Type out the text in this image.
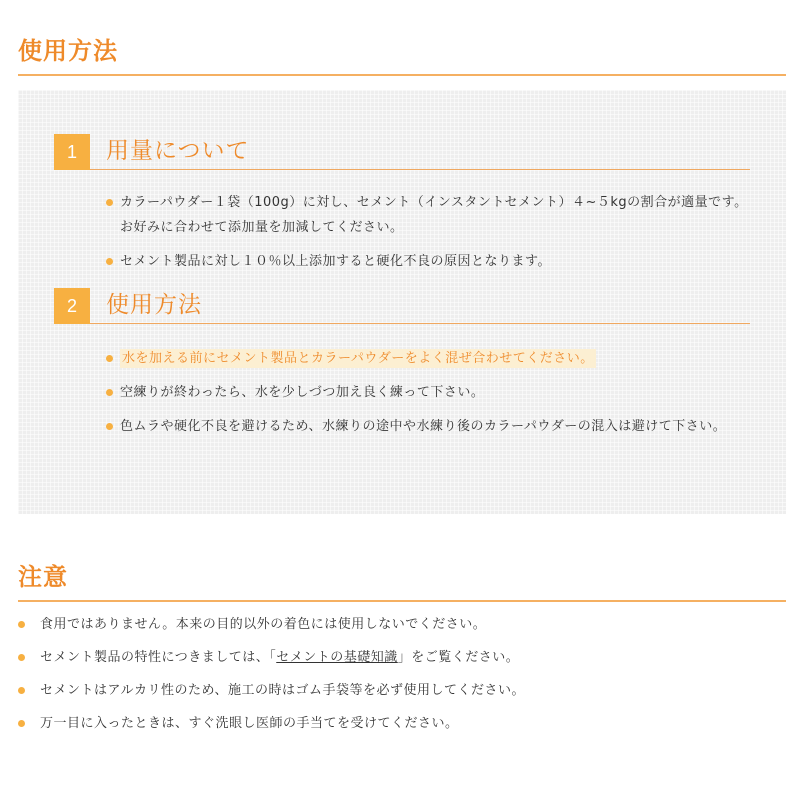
使用方法
1	用量について
カラーパウダー１袋（100g）に対し、セメント（インスタントセメント）４~５kgの割合が適量です。お好みに合わせて添加量を加減してください。
セメント製品に対し１０％以上添加すると硬化不良の原因となります。
2	使用方法
水を加える前にセメント製品とカラーパウダーをよく混ぜ合わせてください。
空練りが終わったら、水を少しづつ加え良く練って下さい。
色ムラや硬化不良を避けるため、水練りの途中や水練り後のカラーパウダーの混入は避けて下さい。
注意
食用ではありません。本来の目的以外の着色には使用しないでください。
セメント製品の特性につきましては、「セメントの基礎知識」をご覧ください。
セメントはアルカリ性のため、施工の時はゴム手袋等を必ず使用してください。
万一目に入ったときは、すぐ洗眼し医師の手当てを受けてください。
